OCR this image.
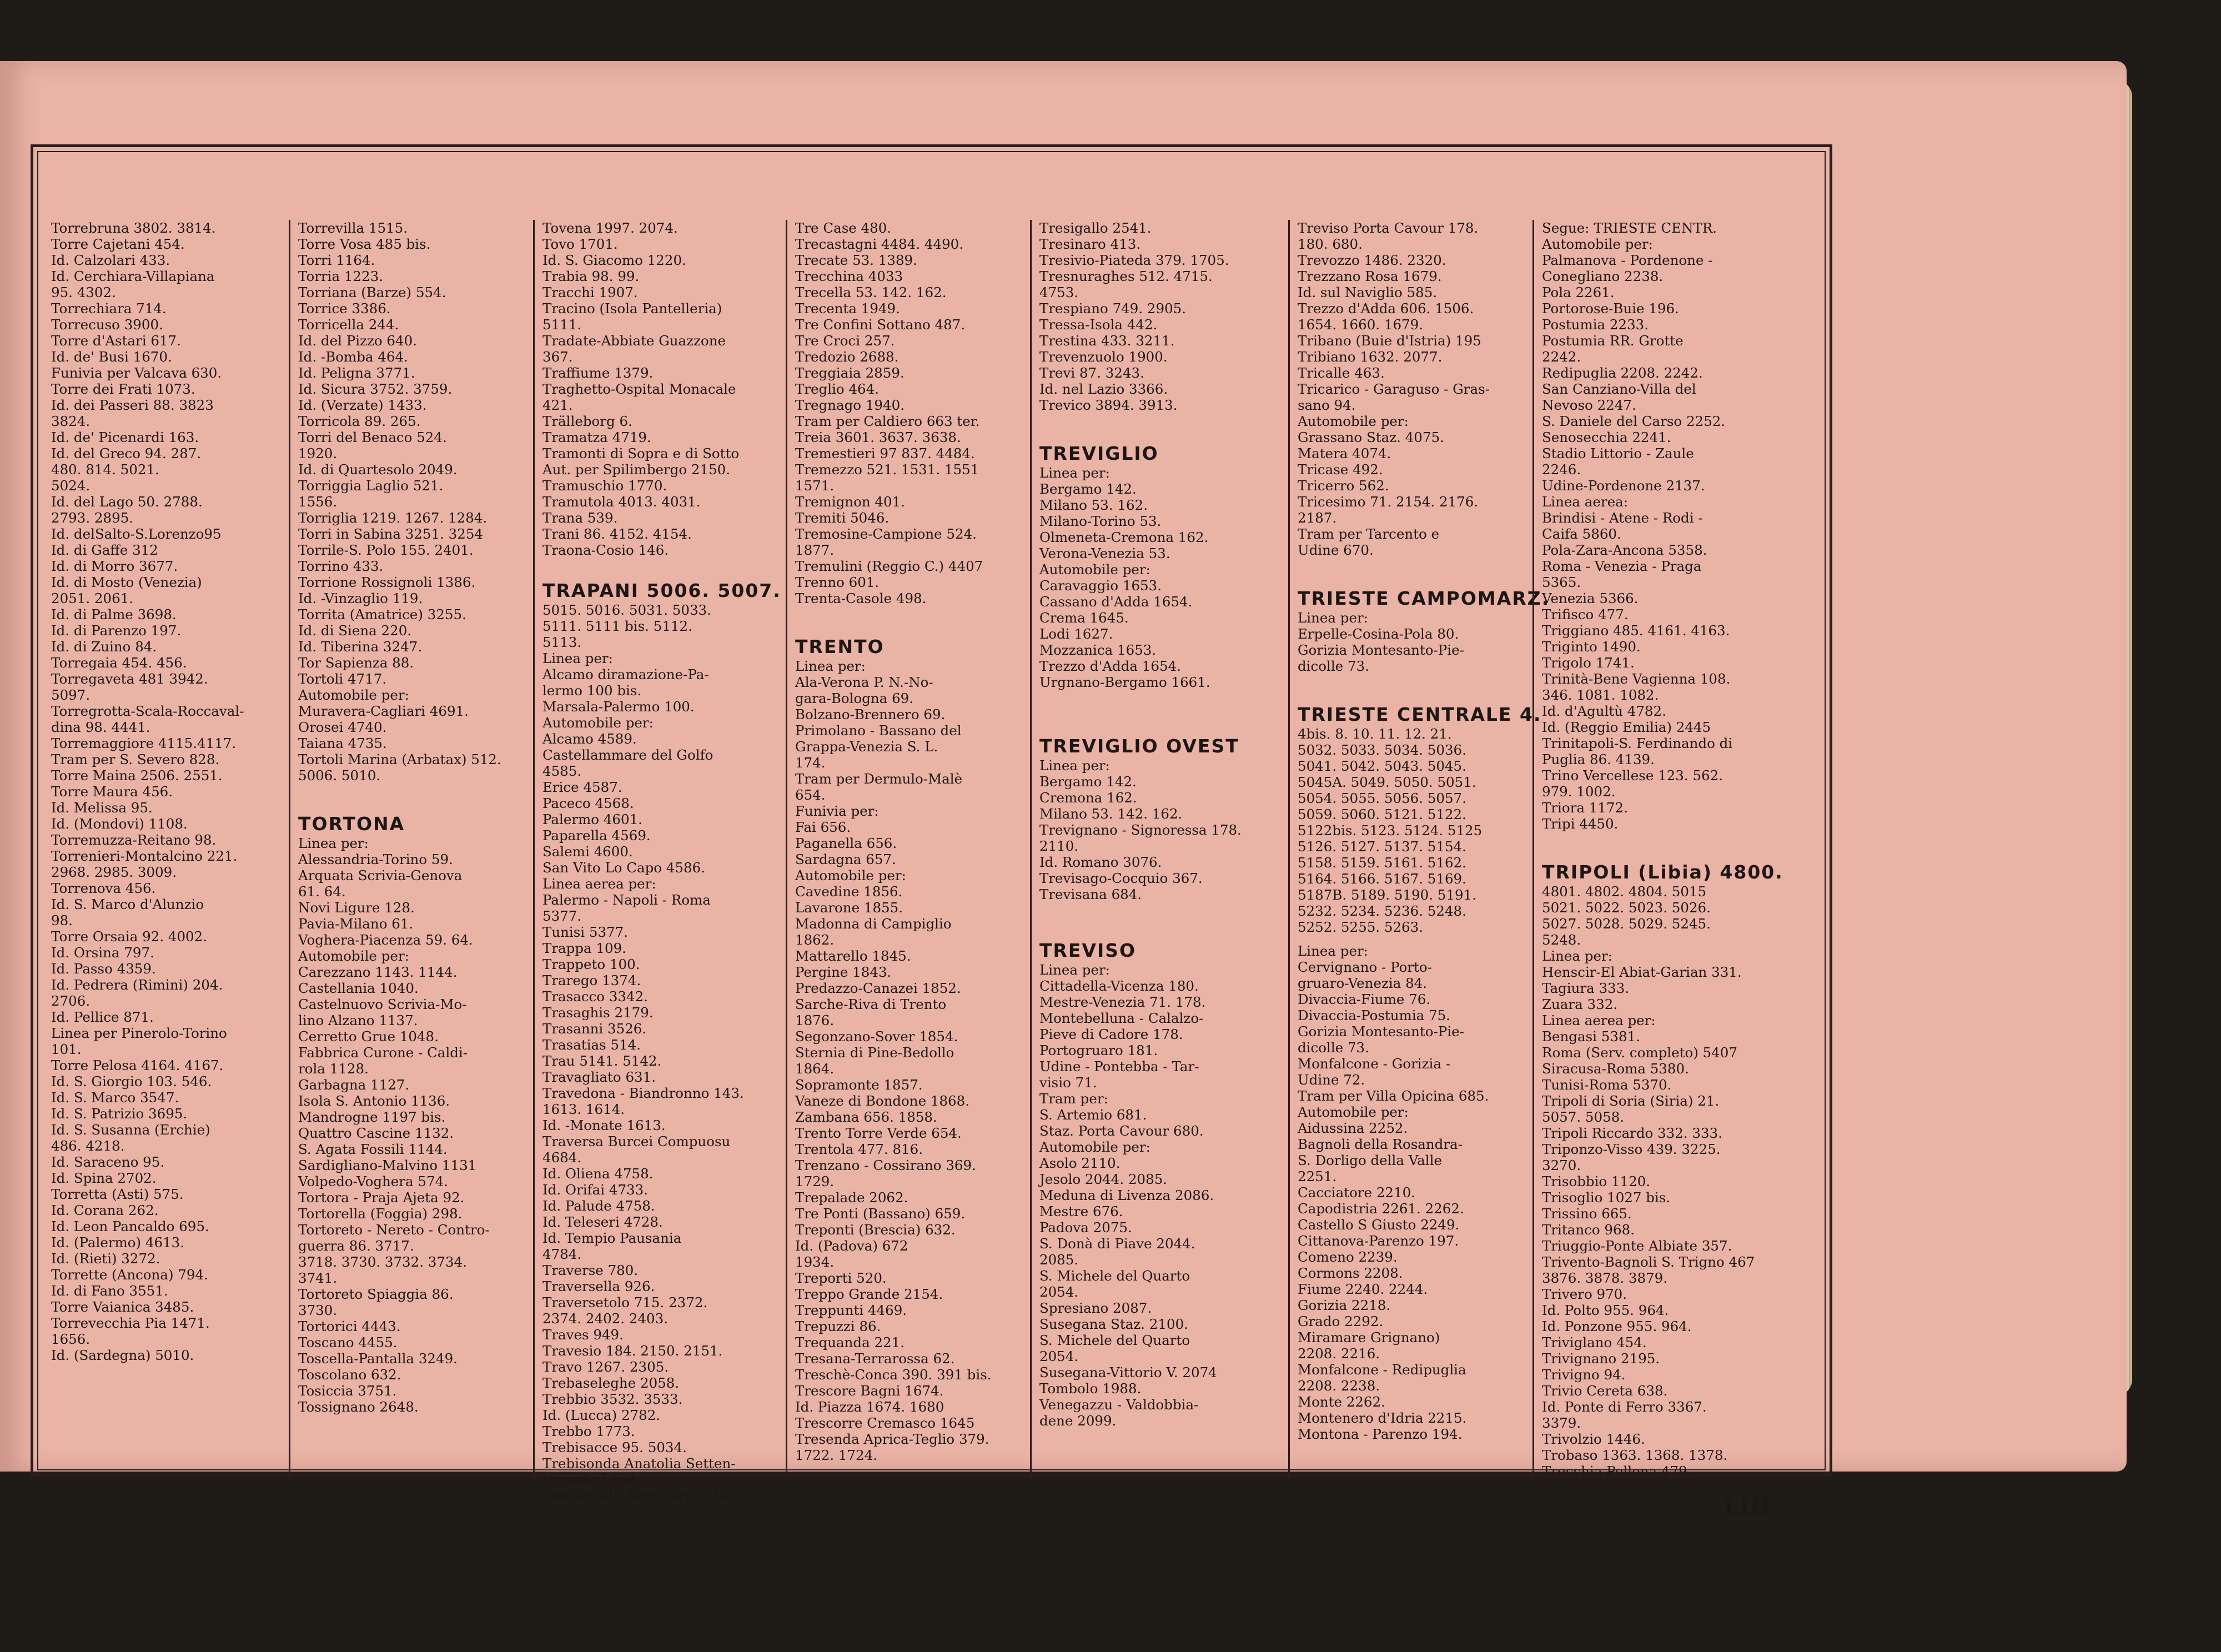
Torrebruna 3802. 3814.
Torre Cajetani 454.
Id. Calzolari 433.
Id. Cerchiara-Villapiana
95. 4302.
Torrechiara 714.
Torrecuso 3900.
Torre d'Astari 617.
Id. de' Busi 1670.
Funivia per Valcava 630.
Torre dei Frati 1073.
Id. dei Passeri 88. 3823
3824.
Id. de' Picenardi 163.
Id. del Greco 94. 287.
480. 814. 5021.
5024.
Id. del Lago 50. 2788.
2793. 2895.
Id. delSalto-S.Lorenzo95
Id. di Gaffe 312
Id. di Morro 3677.
Id. di Mosto (Venezia)
2051. 2061.
Id. di Palme 3698.
Id. di Parenzo 197.
Id. di Zuino 84.
Torregaia 454. 456.
Torregaveta 481 3942.
5097.
Torregrotta-Scala-Roccaval-
dina 98. 4441.
Torremaggiore 4115.4117.
Tram per S. Severo 828.
Torre Maina 2506. 2551.
Torre Maura 456.
Id. Melissa 95.
Id. (Mondovi) 1108.
Torremuzza-Reitano 98.
Torrenieri-Montalcino 221.
2968. 2985. 3009.
Torrenova 456.
Id. S. Marco d'Alunzio
98.
Torre Orsaia 92. 4002.
Id. Orsina 797.
Id. Passo 4359.
Id. Pedrera (Rimini) 204.
2706.
Id. Pellice 871.
Linea per Pinerolo-Torino
101.
Torre Pelosa 4164. 4167.
Id. S. Giorgio 103. 546.
Id. S. Marco 3547.
Id. S. Patrizio 3695.
Id. S. Susanna (Erchie)
486. 4218.
Id. Saraceno 95.
Id. Spina 2702.
Torretta (Asti) 575.
Id. Corana 262.
Id. Leon Pancaldo 695.
Id. (Palermo) 4613.
Id. (Rieti) 3272.
Torrette (Ancona) 794.
Id. di Fano 3551.
Torre Vaianica 3485.
Torrevecchia Pia 1471.
1656.
Id. (Sardegna) 5010.
Torrevilla 1515.
Torre Vosa 485 bis.
Torri 1164.
Torria 1223.
Torriana (Barze) 554.
Torrice 3386.
Torricella 244.
Id. del Pizzo 640.
Id. -Bomba 464.
Id. Peligna 3771.
Id. Sicura 3752. 3759.
Id. (Verzate) 1433.
Torricola 89. 265.
Torri del Benaco 524.
1920.
Id. di Quartesolo 2049.
Torriggia Laglio 521.
1556.
Torriglia 1219. 1267. 1284.
Torri in Sabina 3251. 3254
Torrile-S. Polo 155. 2401.
Torrino 433.
Torrione Rossignoli 1386.
Id. -Vinzaglio 119.
Torrita (Amatrice) 3255.
Id. di Siena 220.
Id. Tiberina 3247.
Tor Sapienza 88.
Tortoli 4717.
Automobile per:
Muravera-Cagliari 4691.
Orosei 4740.
Taiana 4735.
Tortoli Marina (Arbatax) 512.
5006. 5010.

TORTONA
Linea per:
Alessandria-Torino 59.
Arquata Scrivia-Genova
61. 64.
Novi Ligure 128.
Pavia-Milano 61.
Voghera-Piacenza 59. 64.
Automobile per:
Carezzano 1143. 1144.
Castellania 1040.
Castelnuovo Scrivia-Mo-
lino Alzano 1137.
Cerretto Grue 1048.
Fabbrica Curone - Caldi-
rola 1128.
Garbagna 1127.
Isola S. Antonio 1136.
Mandrogne 1197 bis.
Quattro Cascine 1132.
S. Agata Fossili 1144.
Sardigliano-Malvino 1131
Volpedo-Voghera 574.
Tortora - Praja Ajeta 92.
Tortorella (Foggia) 298.
Tortoreto - Nereto - Contro-
guerra 86. 3717.
3718. 3730. 3732. 3734.
3741.
Tortoreto Spiaggia 86.
3730.
Tortorici 4443.
Toscano 4455.
Toscella-Pantalla 3249.
Toscolano 632.
Tosiccia 3751.
Tossignano 2648.
Tovena 1997. 2074.
Tovo 1701.
Id. S. Giacomo 1220.
Trabia 98. 99.
Tracchi 1907.
Tracino (Isola Pantelleria)
5111.
Tradate-Abbiate Guazzone
367.
Traffiume 1379.
Traghetto-Ospital Monacale
421.
Trälleborg 6.
Tramatza 4719.
Tramonti di Sopra e di Sotto
Aut. per Spilimbergo 2150.
Tramuschio 1770.
Tramutola 4013. 4031.
Trana 539.
Trani 86. 4152. 4154.
Traona-Cosio 146.

TRAPANI 5006. 5007.
5015. 5016. 5031. 5033.
5111. 5111 bis. 5112.
5113.
Linea per:
Alcamo diramazione-Pa-
lermo 100 bis.
Marsala-Palermo 100.
Automobile per:
Alcamo 4589.
Castellammare del Golfo
4585.
Erice 4587.
Paceco 4568.
Palermo 4601.
Paparella 4569.
Salemi 4600.
San Vito Lo Capo 4586.
Linea aerea per:
Palermo - Napoli - Roma
5377.
Tunisi 5377.
Trappa 109.
Trappeto 100.
Trarego 1374.
Trasacco 3342.
Trasaghis 2179.
Trasanni 3526.
Trasatias 514.
Trau 5141. 5142.
Travagliato 631.
Travedona - Biandronno 143.
1613. 1614.
Id. -Monate 1613.
Traversa Burcei Compuosu
4684.
Id. Oliena 4758.
Id. Orifai 4733.
Id. Palude 4758.
Id. Teleseri 4728.
Id. Tempio Pausania
4784.
Traverse 780.
Traversella 926.
Traversetolo 715. 2372.
2374. 2402. 2403.
Traves 949.
Travesio 184. 2150. 2151.
Travo 1267. 2305.
Trebaseleghe 2058.
Trebbio 3532. 3533.
Id. (Lucca) 2782.
Trebbo 1773.
Trebisacce 95. 5034.
Trebisonda Anatolia Setten-
trionale 5069.
TreCancelli-Seminario 2785
Tre Case 480.
Trecastagni 4484. 4490.
Trecate 53. 1389.
Trecchina 4033
Trecella 53. 142. 162.
Trecenta 1949.
Tre Confini Sottano 487.
Tre Croci 257.
Tredozio 2688.
Treggiaia 2859.
Treglio 464.
Tregnago 1940.
Tram per Caldiero 663 ter.
Treia 3601. 3637. 3638.
Tremestieri 97 837. 4484.
Tremezzo 521. 1531. 1551
1571.
Tremignon 401.
Tremiti 5046.
Tremosine-Campione 524.
1877.
Tremulini (Reggio C.) 4407
Trenno 601.
Trenta-Casole 498.

TRENTO
Linea per:
Ala-Verona P. N.-No-
gara-Bologna 69.
Bolzano-Brennero 69.
Primolano - Bassano del
Grappa-Venezia S. L.
174.
Tram per Dermulo-Malè
654.
Funivia per:
Fai 656.
Paganella 656.
Sardagna 657.
Automobile per:
Cavedine 1856.
Lavarone 1855.
Madonna di Campiglio
1862.
Mattarello 1845.
Pergine 1843.
Predazzo-Canazei 1852.
Sarche-Riva di Trento
1876.
Segonzano-Sover 1854.
Sternia di Pine-Bedollo
1864.
Sopramonte 1857.
Vaneze di Bondone 1868.
Zambana 656. 1858.
Trento Torre Verde 654.
Trentola 477. 816.
Trenzano - Cossirano 369.
1729.
Trepalade 2062.
Tre Ponti (Bassano) 659.
Treponti (Brescia) 632.
Id. (Padova) 672
1934.
Treporti 520.
Treppo Grande 2154.
Treppunti 4469.
Trepuzzi 86.
Trequanda 221.
Tresana-Terrarossa 62.
Treschè-Conca 390. 391 bis.
Trescore Bagni 1674.
Id. Piazza 1674. 1680
Trescorre Cremasco 1645
Tresenda Aprica-Teglio 379.
1722. 1724.
Tresigallo 2541.
Tresinaro 413.
Tresivio-Piateda 379. 1705.
Tresnuraghes 512. 4715.
4753.
Trespiano 749. 2905.
Tressa-Isola 442.
Trestina 433. 3211.
Trevenzuolo 1900.
Trevi 87. 3243.
Id. nel Lazio 3366.
Trevico 3894. 3913.

TREVIGLIO
Linea per:
Bergamo 142.
Milano 53. 162.
Milano-Torino 53.
Olmeneta-Cremona 162.
Verona-Venezia 53.
Automobile per:
Caravaggio 1653.
Cassano d'Adda 1654.
Crema 1645.
Lodi 1627.
Mozzanica 1653.
Trezzo d'Adda 1654.
Urgnano-Bergamo 1661.

TREVIGLIO OVEST
Linea per:
Bergamo 142.
Cremona 162.
Milano 53. 142. 162.
Trevignano - Signoressa 178.
2110.
Id. Romano 3076.
Trevisago-Cocquio 367.
Trevisana 684.

TREVISO
Linea per:
Cittadella-Vicenza 180.
Mestre-Venezia 71. 178.
Montebelluna - Calalzo-
Pieve di Cadore 178.
Portogruaro 181.
Udine - Pontebba - Tar-
visio 71.
Tram per:
S. Artemio 681.
Staz. Porta Cavour 680.
Automobile per:
Asolo 2110.
Jesolo 2044. 2085.
Meduna di Livenza 2086.
Mestre 676.
Padova 2075.
S. Donà di Piave 2044.
2085.
S. Michele del Quarto
2054.
Spresiano 2087.
Susegana Staz. 2100.
S. Michele del Quarto
2054.
Susegana-Vittorio V. 2074
Tombolo 1988.
Venegazzu - Valdobbia-
dene 2099.
Treviso Porta Cavour 178.
180. 680.
Trevozzo 1486. 2320.
Trezzano Rosa 1679.
Id. sul Naviglio 585.
Trezzo d'Adda 606. 1506.
1654. 1660. 1679.
Tribano (Buie d'Istria) 195
Tribiano 1632. 2077.
Tricalle 463.
Tricarico - Garaguso - Gras-
sano 94.
Automobile per:
Grassano Staz. 4075.
Matera 4074.
Tricase 492.
Tricerro 562.
Tricesimo 71. 2154. 2176.
2187.
Tram per Tarcento e
Udine 670.

TRIESTE CAMPOMARZ.
Linea per:
Erpelle-Cosina-Pola 80.
Gorizia Montesanto-Pie-
dicolle 73.

TRIESTE CENTRALE 4.
4bis. 8. 10. 11. 12. 21.
5032. 5033. 5034. 5036.
5041. 5042. 5043. 5045.
5045A. 5049. 5050. 5051.
5054. 5055. 5056. 5057.
5059. 5060. 5121. 5122.
5122bis. 5123. 5124. 5125
5126. 5127. 5137. 5154.
5158. 5159. 5161. 5162.
5164. 5166. 5167. 5169.
5187B. 5189. 5190. 5191.
5232. 5234. 5236. 5248.
5252. 5255. 5263.

Linea per:
Cervignano - Porto-
gruaro-Venezia 84.
Divaccia-Fiume 76.
Divaccia-Postumia 75.
Gorizia Montesanto-Pie-
dicolle 73.
Monfalcone - Gorizia -
Udine 72.
Tram per Villa Opicina 685.
Automobile per:
Aidussina 2252.
Bagnoli della Rosandra-
S. Dorligo della Valle
2251.
Cacciatore 2210.
Capodistria 2261. 2262.
Castello S Giusto 2249.
Cittanova-Parenzo 197.
Comeno 2239.
Cormons 2208.
Fiume 2240. 2244.
Gorizia 2218.
Grado 2292.
Miramare Grignano)
2208. 2216.
Monfalcone - Redipuglia
2208. 2238.
Monte 2262.
Montenero d'Idria 2215.
Montona - Parenzo 194.
Segue: TRIESTE CENTR.
Automobile per:
Palmanova - Pordenone -
Conegliano 2238.
Pola 2261.
Portorose-Buie 196.
Postumia 2233.
Postumia RR. Grotte
2242.
Redipuglia 2208. 2242.
San Canziano-Villa del
Nevoso 2247.
S. Daniele del Carso 2252.
Senosecchia 2241.
Stadio Littorio - Zaule
2246.
Udine-Pordenone 2137.
Linea aerea:
Brindisi - Atene - Rodi -
Caifa 5860.
Pola-Zara-Ancona 5358.
Roma - Venezia - Praga
5365.
Venezia 5366.
Trifisco 477.
Triggiano 485. 4161. 4163.
Triginto 1490.
Trigolo 1741.
Trinità-Bene Vagienna 108.
346. 1081. 1082.
Id. d'Agultù 4782.
Id. (Reggio Emilia) 2445
Trinitapoli-S. Ferdinando di
Puglia 86. 4139.
Trino Vercellese 123. 562.
979. 1002.
Triora 1172.
Tripi 4450.

TRIPOLI (Libia) 4800.
4801. 4802. 4804. 5015
5021. 5022. 5023. 5026.
5027. 5028. 5029. 5245.
5248.
Linea per:
Henscir-El Abiat-Garian 331.
Tagiura 333.
Zuara 332.
Linea aerea per:
Bengasi 5381.
Roma (Serv. completo) 5407
Siracusa-Roma 5380.
Tunisi-Roma 5370.
Tripoli di Soria (Siria) 21.
5057. 5058.
Tripoli Riccardo 332. 333.
Triponzo-Visso 439. 3225.
3270.
Trisobbio 1120.
Trisoglio 1027 bis.
Trissino 665.
Tritanco 968.
Triuggio-Ponte Albiate 357.
Trivento-Bagnoli S. Trigno 467
3876. 3878. 3879.
Trivero 970.
Id. Polto 955. 964.
Id. Ponzone 955. 964.
Triviglano 454.
Trivignano 2195.
Trivigno 94.
Trivio Cereta 638.
Id. Ponte di Ferro 3367.
3379.
Trivolzio 1446.
Trobaso 1363. 1368. 1378.
Trocchia Pollena 479.
LIII
